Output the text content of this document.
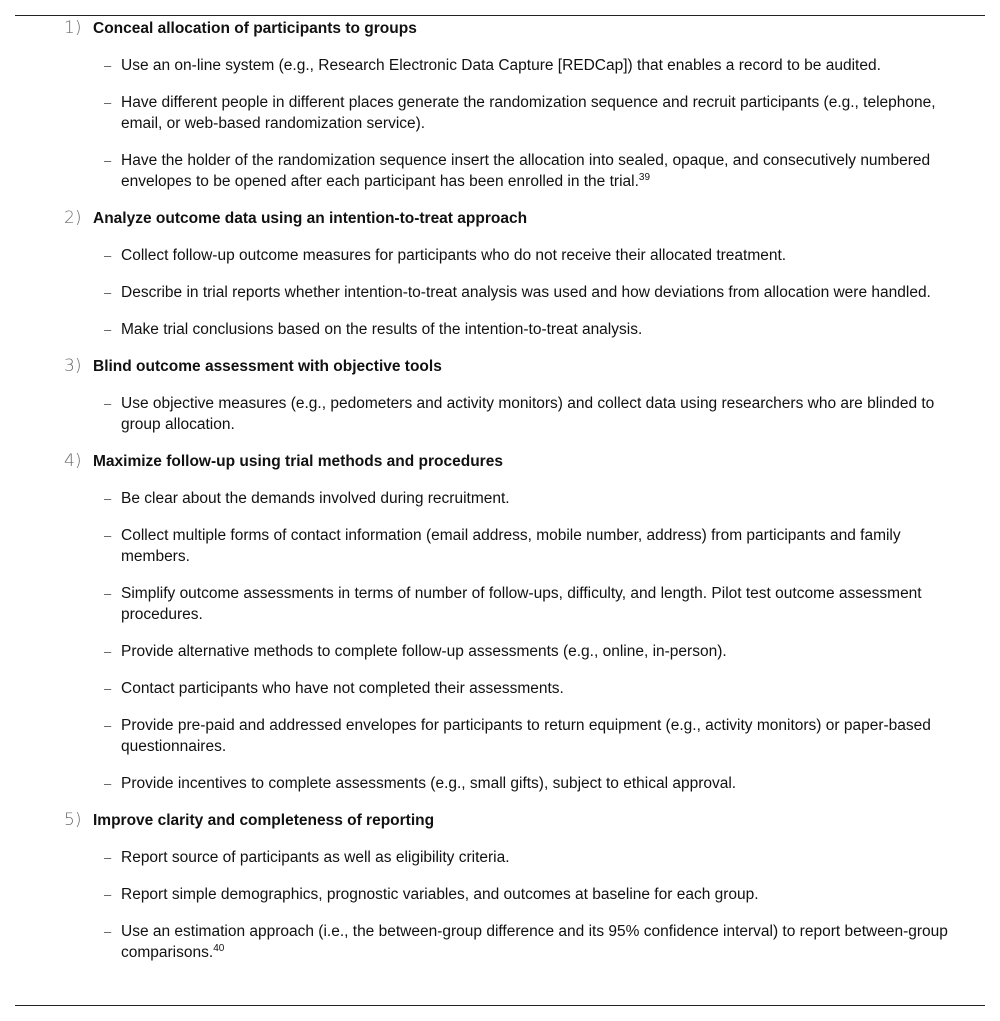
1) Conceal allocation of participants to groups
– Use an on-line system (e.g., Research Electronic Data Capture [REDCap]) that enables a record to be audited.
– Have different people in different places generate the randomization sequence and recruit participants (e.g., telephone, email, or web-based randomization service).
– Have the holder of the randomization sequence insert the allocation into sealed, opaque, and consecutively numbered envelopes to be opened after each participant has been enrolled in the trial.$^{39}$
2) Analyze outcome data using an intention-to-treat approach
– Collect follow-up outcome measures for participants who do not receive their allocated treatment.
– Describe in trial reports whether intention-to-treat analysis was used and how deviations from allocation were handled.
– Make trial conclusions based on the results of the intention-to-treat analysis.
3) Blind outcome assessment with objective tools
– Use objective measures (e.g., pedometers and activity monitors) and collect data using researchers who are blinded to group allocation.
4) Maximize follow-up using trial methods and procedures
– Be clear about the demands involved during recruitment.
– Collect multiple forms of contact information (email address, mobile number, address) from participants and family members.
– Simplify outcome assessments in terms of number of follow-ups, difficulty, and length. Pilot test outcome assessment procedures.
– Provide alternative methods to complete follow-up assessments (e.g., online, in-person).
– Contact participants who have not completed their assessments.
– Provide pre-paid and addressed envelopes for participants to return equipment (e.g., activity monitors) or paper-based questionnaires.
– Provide incentives to complete assessments (e.g., small gifts), subject to ethical approval.
5) Improve clarity and completeness of reporting
– Report source of participants as well as eligibility criteria.
– Report simple demographics, prognostic variables, and outcomes at baseline for each group.
– Use an estimation approach (i.e., the between-group difference and its 95% confidence interval) to report between-group comparisons.$^{40}$
